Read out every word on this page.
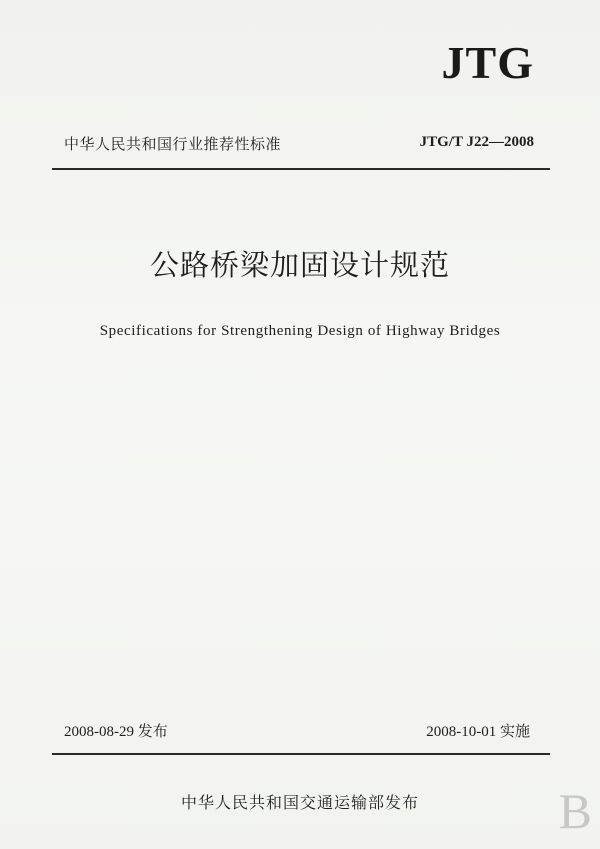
JTG
中华人民共和国行业推荐性标准	JTG/T J22—2008
公路桥梁加固设计规范
Specifications for Strengthening Design of Highway Bridges
2008-08-29 发布	2008-10-01 实施
中华人民共和国交通运输部发布	B
